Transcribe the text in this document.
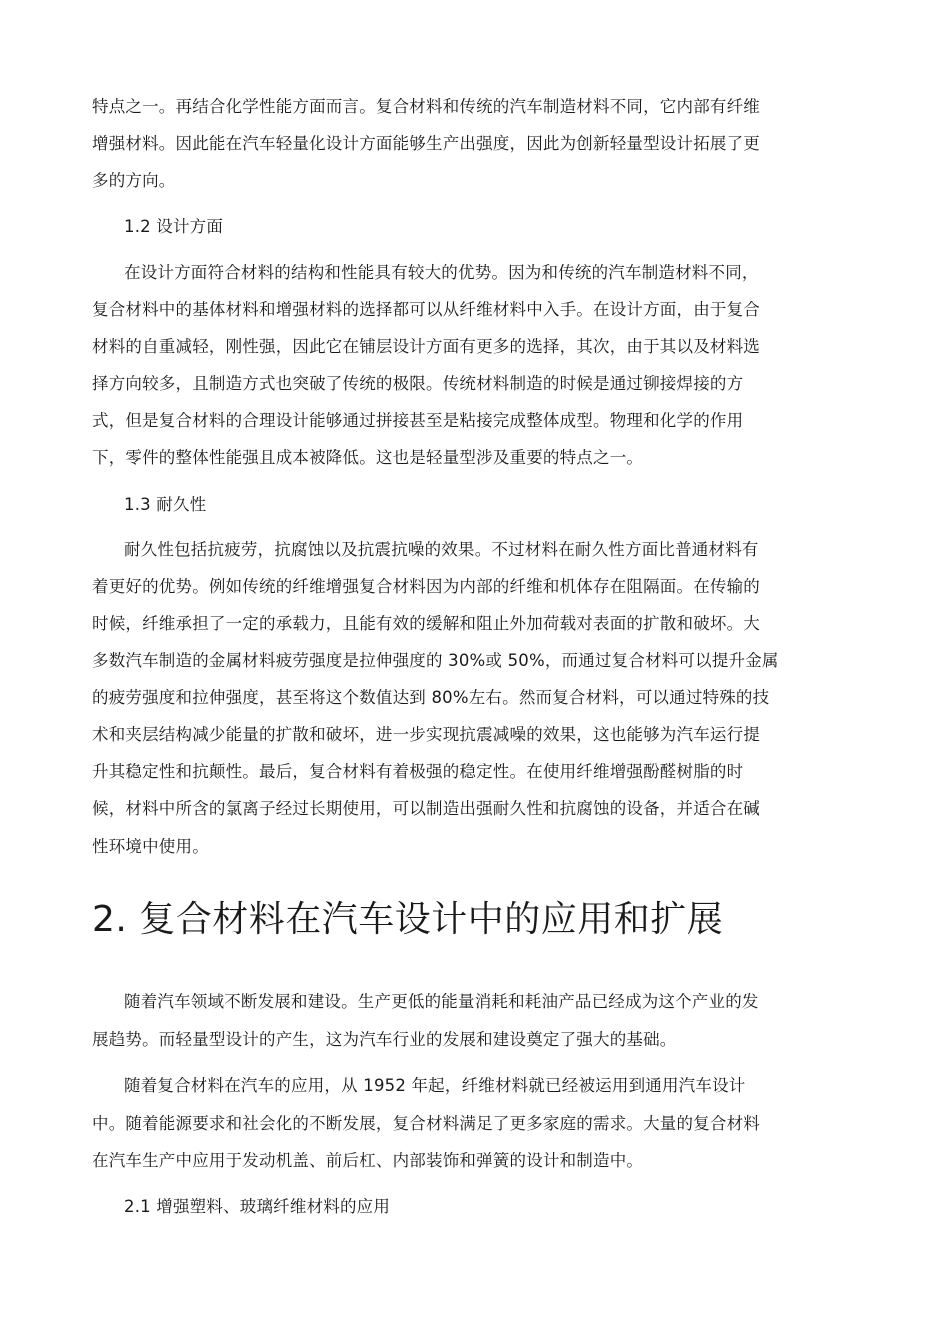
特点之一。再结合化学性能方面而言。复合材料和传统的汽车制造材料不同，它内部有纤维
增强材料。因此能在汽车轻量化设计方面能够生产出强度，因此为创新轻量型设计拓展了更
多的方向。
1.2 设计方面
在设计方面符合材料的结构和性能具有较大的优势。因为和传统的汽车制造材料不同，
复合材料中的基体材料和增强材料的选择都可以从纤维材料中入手。在设计方面，由于复合
材料的自重减轻，刚性强，因此它在铺层设计方面有更多的选择，其次，由于其以及材料选
择方向较多，且制造方式也突破了传统的极限。传统材料制造的时候是通过铆接焊接的方
式，但是复合材料的合理设计能够通过拼接甚至是粘接完成整体成型。物理和化学的作用
下，零件的整体性能强且成本被降低。这也是轻量型涉及重要的特点之一。
1.3 耐久性
耐久性包括抗疲劳，抗腐蚀以及抗震抗噪的效果。不过材料在耐久性方面比普通材料有
着更好的优势。例如传统的纤维增强复合材料因为内部的纤维和机体存在阻隔面。在传输的
时候，纤维承担了一定的承载力，且能有效的缓解和阻止外加荷载对表面的扩散和破坏。大
多数汽车制造的金属材料疲劳强度是拉伸强度的 30%或 50%，而通过复合材料可以提升金属
的疲劳强度和拉伸强度，甚至将这个数值达到 80%左右。然而复合材料，可以通过特殊的技
术和夹层结构减少能量的扩散和破坏，进一步实现抗震减噪的效果，这也能够为汽车运行提
升其稳定性和抗颠性。最后，复合材料有着极强的稳定性。在使用纤维增强酚醛树脂的时
候，材料中所含的氯离子经过长期使用，可以制造出强耐久性和抗腐蚀的设备，并适合在碱
性环境中使用。
2. 复合材料在汽车设计中的应用和扩展
随着汽车领域不断发展和建设。生产更低的能量消耗和耗油产品已经成为这个产业的发
展趋势。而轻量型设计的产生，这为汽车行业的发展和建设奠定了强大的基础。
随着复合材料在汽车的应用，从 1952 年起，纤维材料就已经被运用到通用汽车设计
中。随着能源要求和社会化的不断发展，复合材料满足了更多家庭的需求。大量的复合材料
在汽车生产中应用于发动机盖、前后杠、内部装饰和弹簧的设计和制造中。
2.1 增强塑料、玻璃纤维材料的应用
